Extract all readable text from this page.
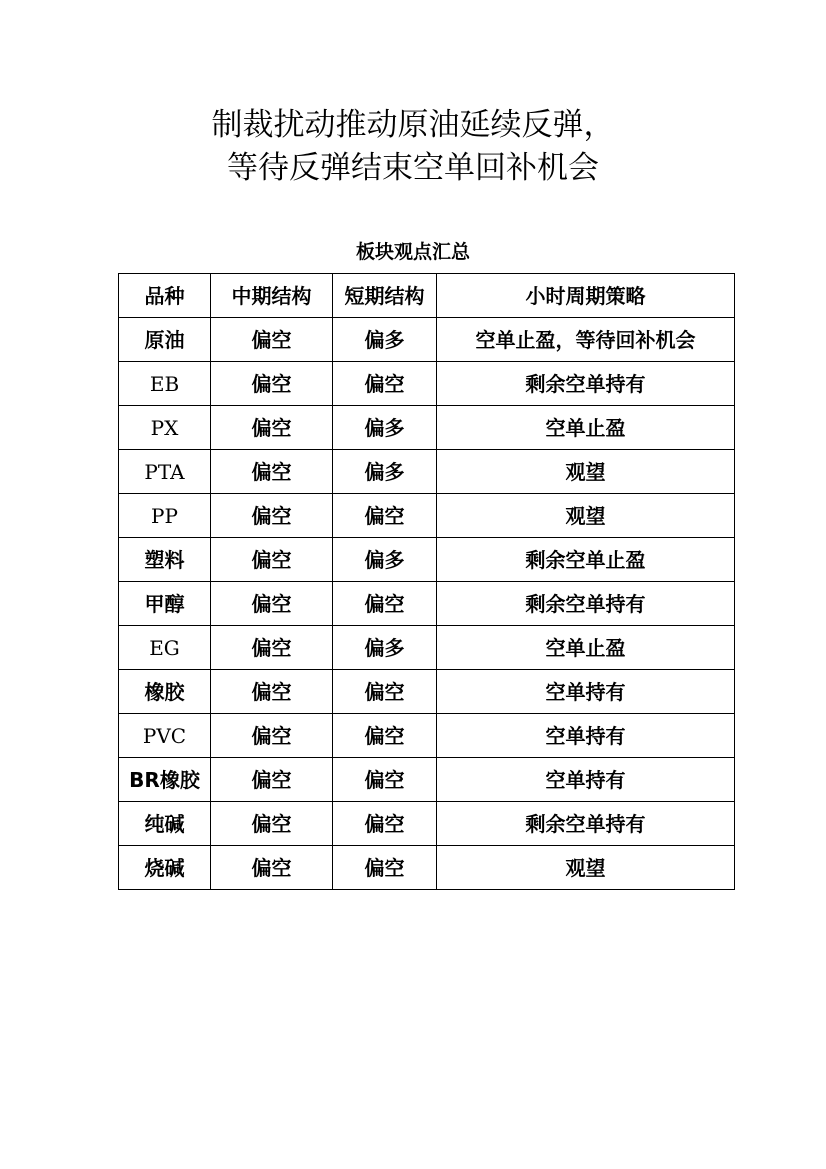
制裁扰动推动原油延续反弹，
等待反弹结束空单回补机会
板块观点汇总
品种	中期结构	短期结构	小时周期策略
原油	偏空	偏多	空单止盈，等待回补机会
EB	偏空	偏空	剩余空单持有
PX	偏空	偏多	空单止盈
PTA	偏空	偏多	观望
PP	偏空	偏空	观望
塑料	偏空	偏多	剩余空单止盈
甲醇	偏空	偏空	剩余空单持有
EG	偏空	偏多	空单止盈
橡胶	偏空	偏空	空单持有
PVC	偏空	偏空	空单持有
BR橡胶	偏空	偏空	空单持有
纯碱	偏空	偏空	剩余空单持有
烧碱	偏空	偏空	观望
